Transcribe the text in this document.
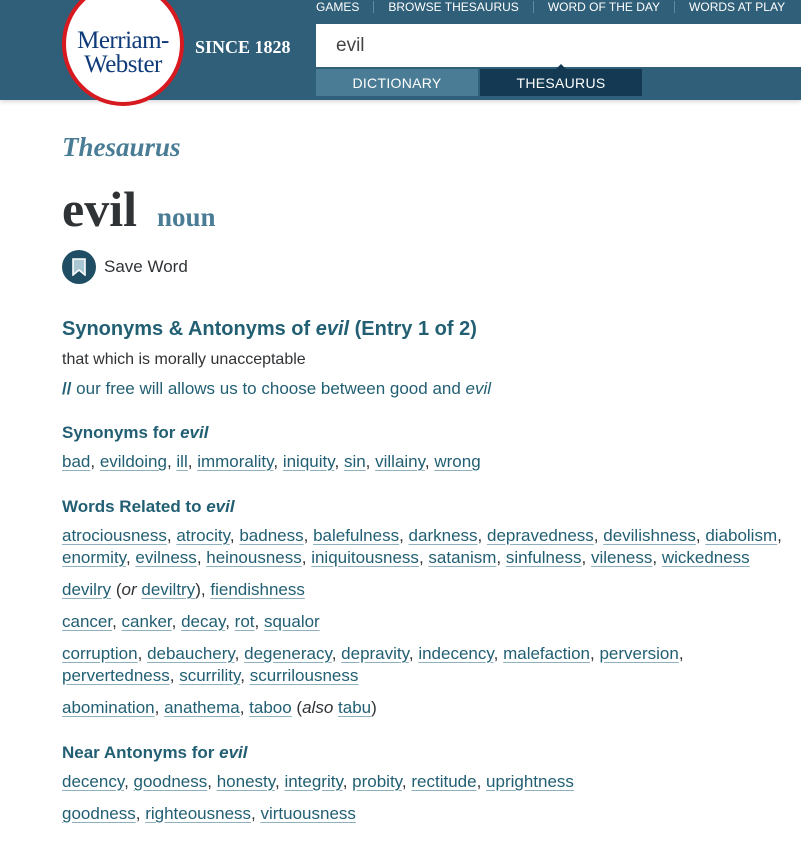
Merriam-
Webster
SINCE 1828
GAMES	BROWSE THESAURUS	WORD OF THE DAY	WORDS AT PLAY
evil
DICTIONARY	THESAURUS
Thesaurus
evil noun
Save Word
Synonyms & Antonyms of evil (Entry 1 of 2)
that which is morally unacceptable
// our free will allows us to choose between good and evil
Synonyms for evil
bad, evildoing, ill, immorality, iniquity, sin, villainy, wrong
Words Related to evil
atrociousness, atrocity, badness, balefulness, darkness, depravedness, devilishness, diabolism, enormity, evilness, heinousness, iniquitousness, satanism, sinfulness, vileness, wickedness
devilry (or deviltry), fiendishness
cancer, canker, decay, rot, squalor
corruption, debauchery, degeneracy, depravity, indecency, malefaction, perversion, pervertedness, scurrility, scurrilousness
abomination, anathema, taboo (also tabu)
Near Antonyms for evil
decency, goodness, honesty, integrity, probity, rectitude, uprightness
goodness, righteousness, virtuousness
